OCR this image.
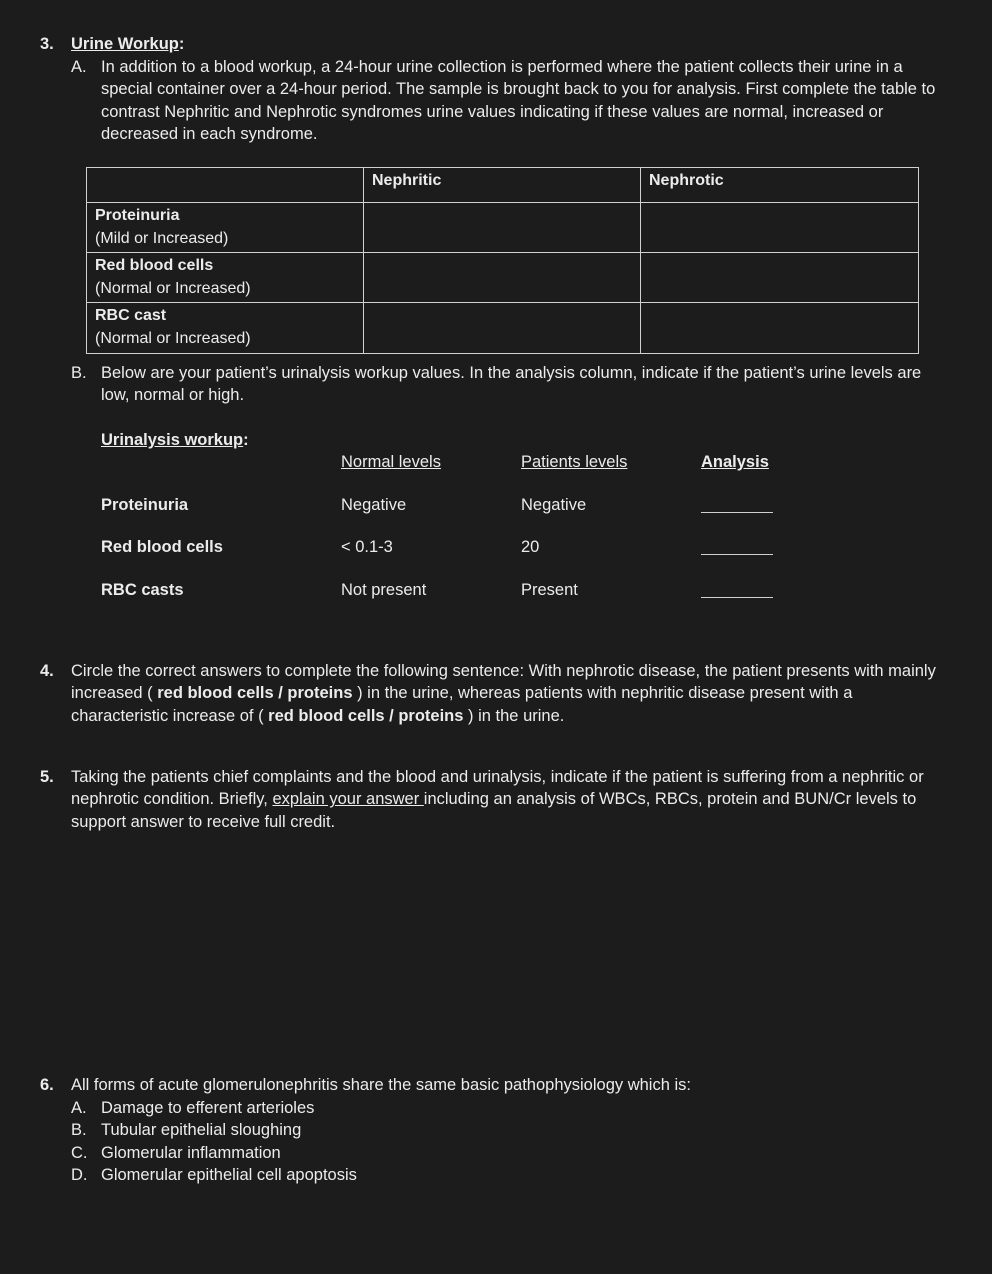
3. Urine Workup:
A. In addition to a blood workup, a 24-hour urine collection is performed where the patient collects their urine in a special container over a 24-hour period. The sample is brought back to you for analysis. First complete the table to contrast Nephritic and Nephrotic syndromes urine values indicating if these values are normal, increased or decreased in each syndrome.
	Nephritic	Nephrotic

Proteinuria
(Mild or Increased)		

Red blood cells
(Normal or Increased)		

RBC cast
(Normal or Increased)		

B. Below are your patient’s urinalysis workup values. In the analysis column, indicate if the patient’s urine levels are low, normal or high.
Urinalysis workup:
Normal levels	Patients levels	Analysis
Proteinuria	Negative	Negative
Red blood cells	< 0.1-3	20
RBC casts	Not present	Present
4. Circle the correct answers to complete the following sentence: With nephrotic disease, the patient presents with mainly increased ( red blood cells / proteins ) in the urine, whereas patients with nephritic disease present with a characteristic increase of ( red blood cells / proteins ) in the urine.
5. Taking the patients chief complaints and the blood and urinalysis, indicate if the patient is suffering from a nephritic or nephrotic condition. Briefly, explain your answer including an analysis of WBCs, RBCs, protein and BUN/Cr levels to support answer to receive full credit.
6. All forms of acute glomerulonephritis share the same basic pathophysiology which is:
A. Damage to efferent arterioles
B. Tubular epithelial sloughing
C. Glomerular inflammation
D. Glomerular epithelial cell apoptosis
